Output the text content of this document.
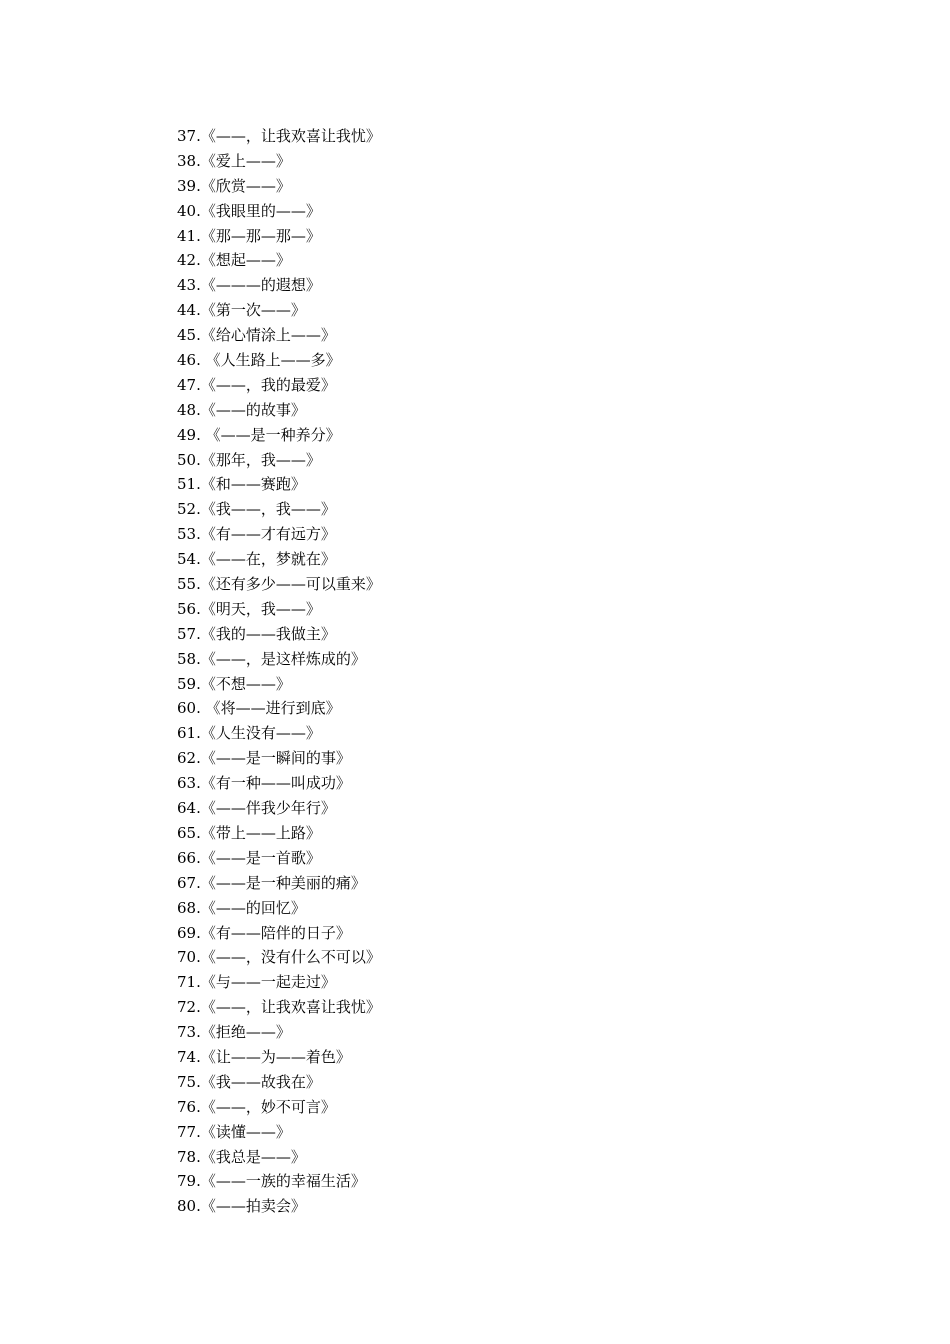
37.《——，让我欢喜让我忧》
38.《爱上——》
39.《欣赏——》
40.《我眼里的——》
41.《那—那—那—》
42.《想起——》
43.《———的遐想》
44.《第一次——》
45.《给心情涂上——》
46. 《人生路上——多》
47.《——，我的最爱》
48.《——的故事》
49. 《——是一种养分》
50.《那年，我——》
51.《和——赛跑》
52.《我——，我——》
53.《有——才有远方》
54.《——在，梦就在》
55.《还有多少——可以重来》
56.《明天，我——》
57.《我的——我做主》
58.《——，是这样炼成的》
59.《不想——》
60. 《将——进行到底》
61.《人生没有——》
62.《——是一瞬间的事》
63.《有一种——叫成功》
64.《——伴我少年行》
65.《带上——上路》
66.《——是一首歌》
67.《——是一种美丽的痛》
68.《——的回忆》
69.《有——陪伴的日子》
70.《——，没有什么不可以》
71.《与——一起走过》
72.《——，让我欢喜让我忧》
73.《拒绝——》
74.《让——为——着色》
75.《我——故我在》
76.《——，妙不可言》
77.《读懂——》
78.《我总是——》
79.《——一族的幸福生活》
80.《——拍卖会》
